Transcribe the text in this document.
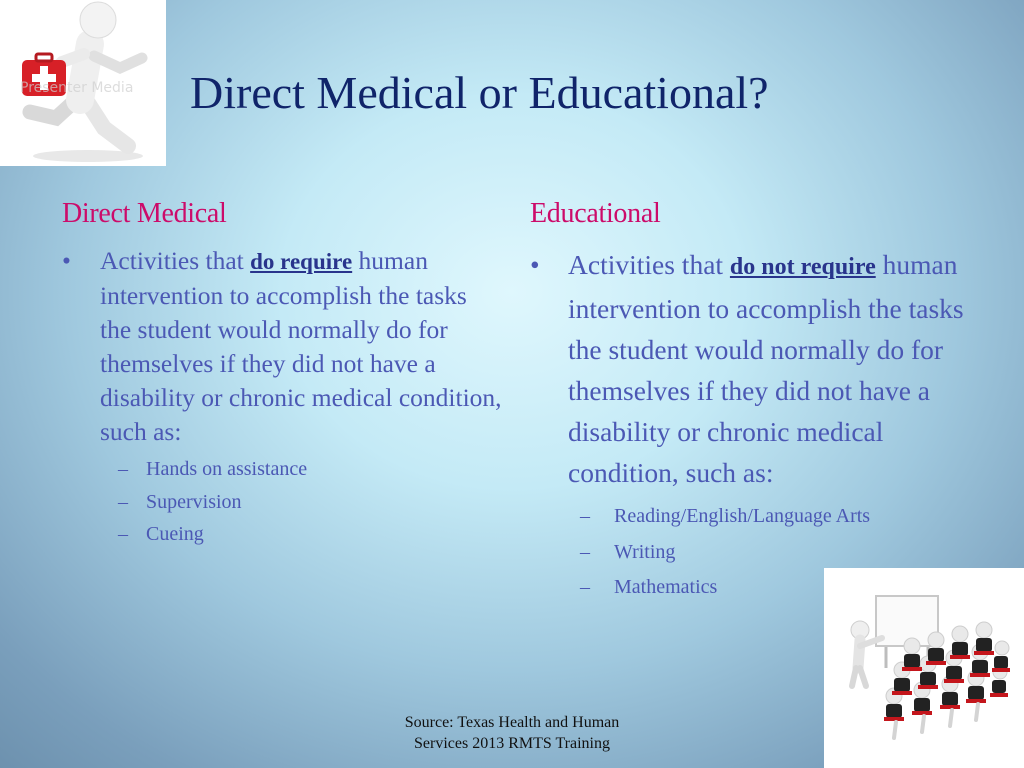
Presenter Media Direct Medical or Educational?
Direct Medical
• Activities that do require human intervention to accomplish the tasks the student would normally do for themselves if they did not have a disability or chronic medical condition, such as:
– Hands on assistance
– Supervision
– Cueing
Educational
• Activities that do not require human intervention to accomplish the tasks the student would normally do for themselves if they did not have a disability or chronic medical condition, such as:
– Reading/English/Language Arts
– Writing
– Mathematics
Source: Texas Health and Human
Services 2013 RMTS Training
